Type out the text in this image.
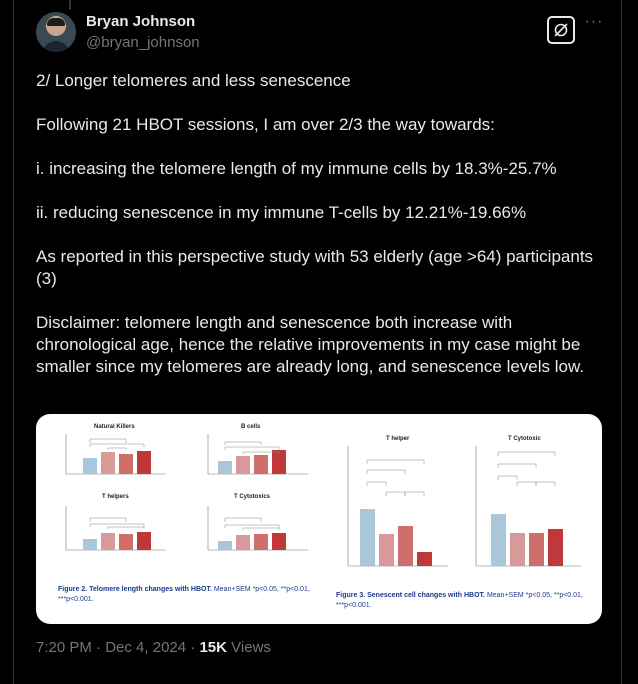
Bryan Johnson
@bryan_johnson
···

2/ Longer telomeres and less senescence

Following 21 HBOT sessions, I am over 2/3 the way towards:

i. increasing the telomere length of my immune cells by 18.3%-25.7%

ii. reducing senescence in my immune T-cells by 12.21%-19.66%

As reported in this perspective study with 53 elderly (age >64) participants (3)

Disclaimer: telomere length and senescence both increase with chronological age, hence the relative improvements in my case might be smaller since my telomeres are already long, and senescence levels low.

Natural Killers	B cells
T helpers	T Cytotoxics
T helper	T Cytotoxic
Figure 2. Telomere length changes with HBOT. Mean+SEM *p<0.05, **p<0.01, ***p<0.001.
Figure 3. Senescent cell changes with HBOT. Mean+SEM *p<0.05, **p<0.01, ***p<0.001.
7:20 PM · Dec 4, 2024 · 15K Views
